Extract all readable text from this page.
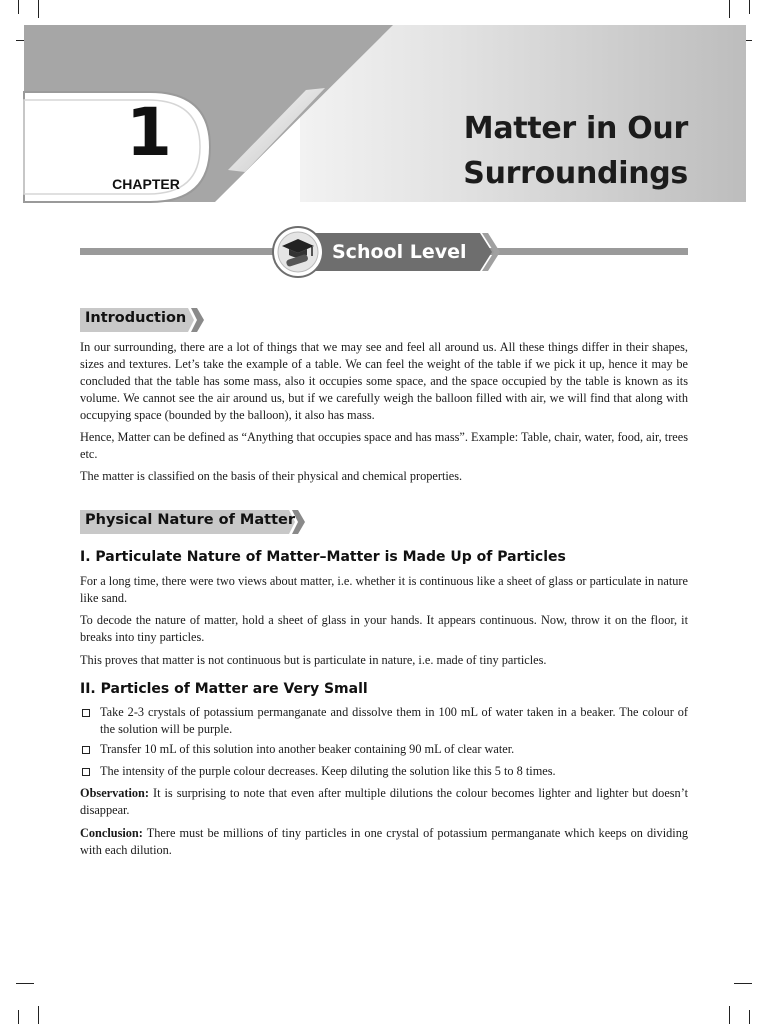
1
CHAPTER
Matter in Our
Surroundings
School Level
Introduction

In our surrounding, there are a lot of things that we may see and feel all around us. All these things differ in their shapes, sizes and textures. Let’s take the example of a table. We can feel the weight of the table if we pick it up, hence it may be concluded that the table has some mass, also it occupies some space, and the space occupied by the table is known as its volume. We cannot see the air around us, but if we carefully weigh the balloon filled with air, we will find that along with occupying space (bounded by the balloon), it also has mass.

Hence, Matter can be defined as “Anything that occupies space and has mass”. Example: Table, chair, water, food, air, trees etc.

The matter is classified on the basis of their physical and chemical properties.

Physical Nature of Matter
I. Particulate Nature of Matter–Matter is Made Up of Particles

For a long time, there were two views about matter, i.e. whether it is continuous like a sheet of glass or particulate in nature like sand.

To decode the nature of matter, hold a sheet of glass in your hands. It appears continuous. Now, throw it on the floor, it breaks into tiny particles.

This proves that matter is not continuous but is particulate in nature, i.e. made of tiny particles.

II. Particles of Matter are Very Small
Take 2-3 crystals of potassium permanganate and dissolve them in 100 mL of water taken in a beaker. The colour of the solution will be purple.
Transfer 10 mL of this solution into another beaker containing 90 mL of clear water.
The intensity of the purple colour decreases. Keep diluting the solution like this 5 to 8 times.

Observation: It is surprising to note that even after multiple dilutions the colour becomes lighter and lighter but doesn’t disappear.

Conclusion: There must be millions of tiny particles in one crystal of potassium permanganate which keeps on dividing with each dilution.
